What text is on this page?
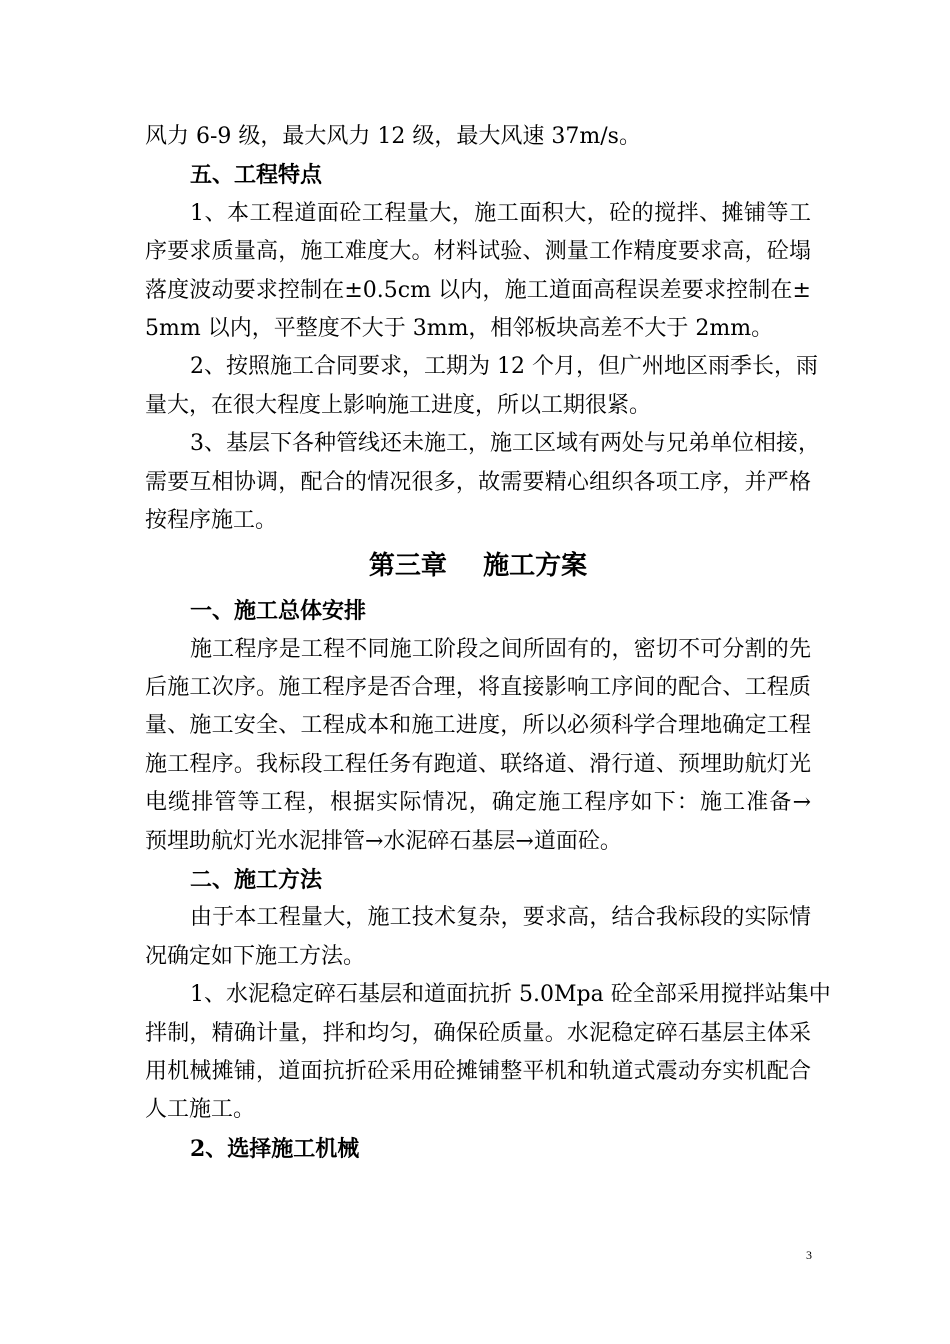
风力 6-9 级，最大风力 12 级，最大风速 37m/s。
五、工程特点
1、本工程道面砼工程量大，施工面积大，砼的搅拌、摊铺等工
序要求质量高，施工难度大。材料试验、测量工作精度要求高，砼塌
落度波动要求控制在±0.5cm 以内，施工道面高程误差要求控制在±
5mm 以内，平整度不大于 3mm，相邻板块高差不大于 2mm。
2、按照施工合同要求，工期为 12 个月，但广州地区雨季长，雨
量大，在很大程度上影响施工进度，所以工期很紧。
3、基层下各种管线还未施工，施工区域有两处与兄弟单位相接，
需要互相协调，配合的情况很多，故需要精心组织各项工序，并严格
按程序施工。
第三章    施工方案
一、施工总体安排
施工程序是工程不同施工阶段之间所固有的，密切不可分割的先
后施工次序。施工程序是否合理，将直接影响工序间的配合、工程质
量、施工安全、工程成本和施工进度，所以必须科学合理地确定工程
施工程序。我标段工程任务有跑道、联络道、滑行道、预埋助航灯光
电缆排管等工程，根据实际情况，确定施工程序如下：施工准备→
预埋助航灯光水泥排管→水泥碎石基层→道面砼。
二、施工方法
由于本工程量大，施工技术复杂，要求高，结合我标段的实际情
况确定如下施工方法。
1、水泥稳定碎石基层和道面抗折 5.0Mpa 砼全部采用搅拌站集中
拌制，精确计量，拌和均匀，确保砼质量。水泥稳定碎石基层主体采
用机械摊铺，道面抗折砼采用砼摊铺整平机和轨道式震动夯实机配合
人工施工。
2、选择施工机械
3
